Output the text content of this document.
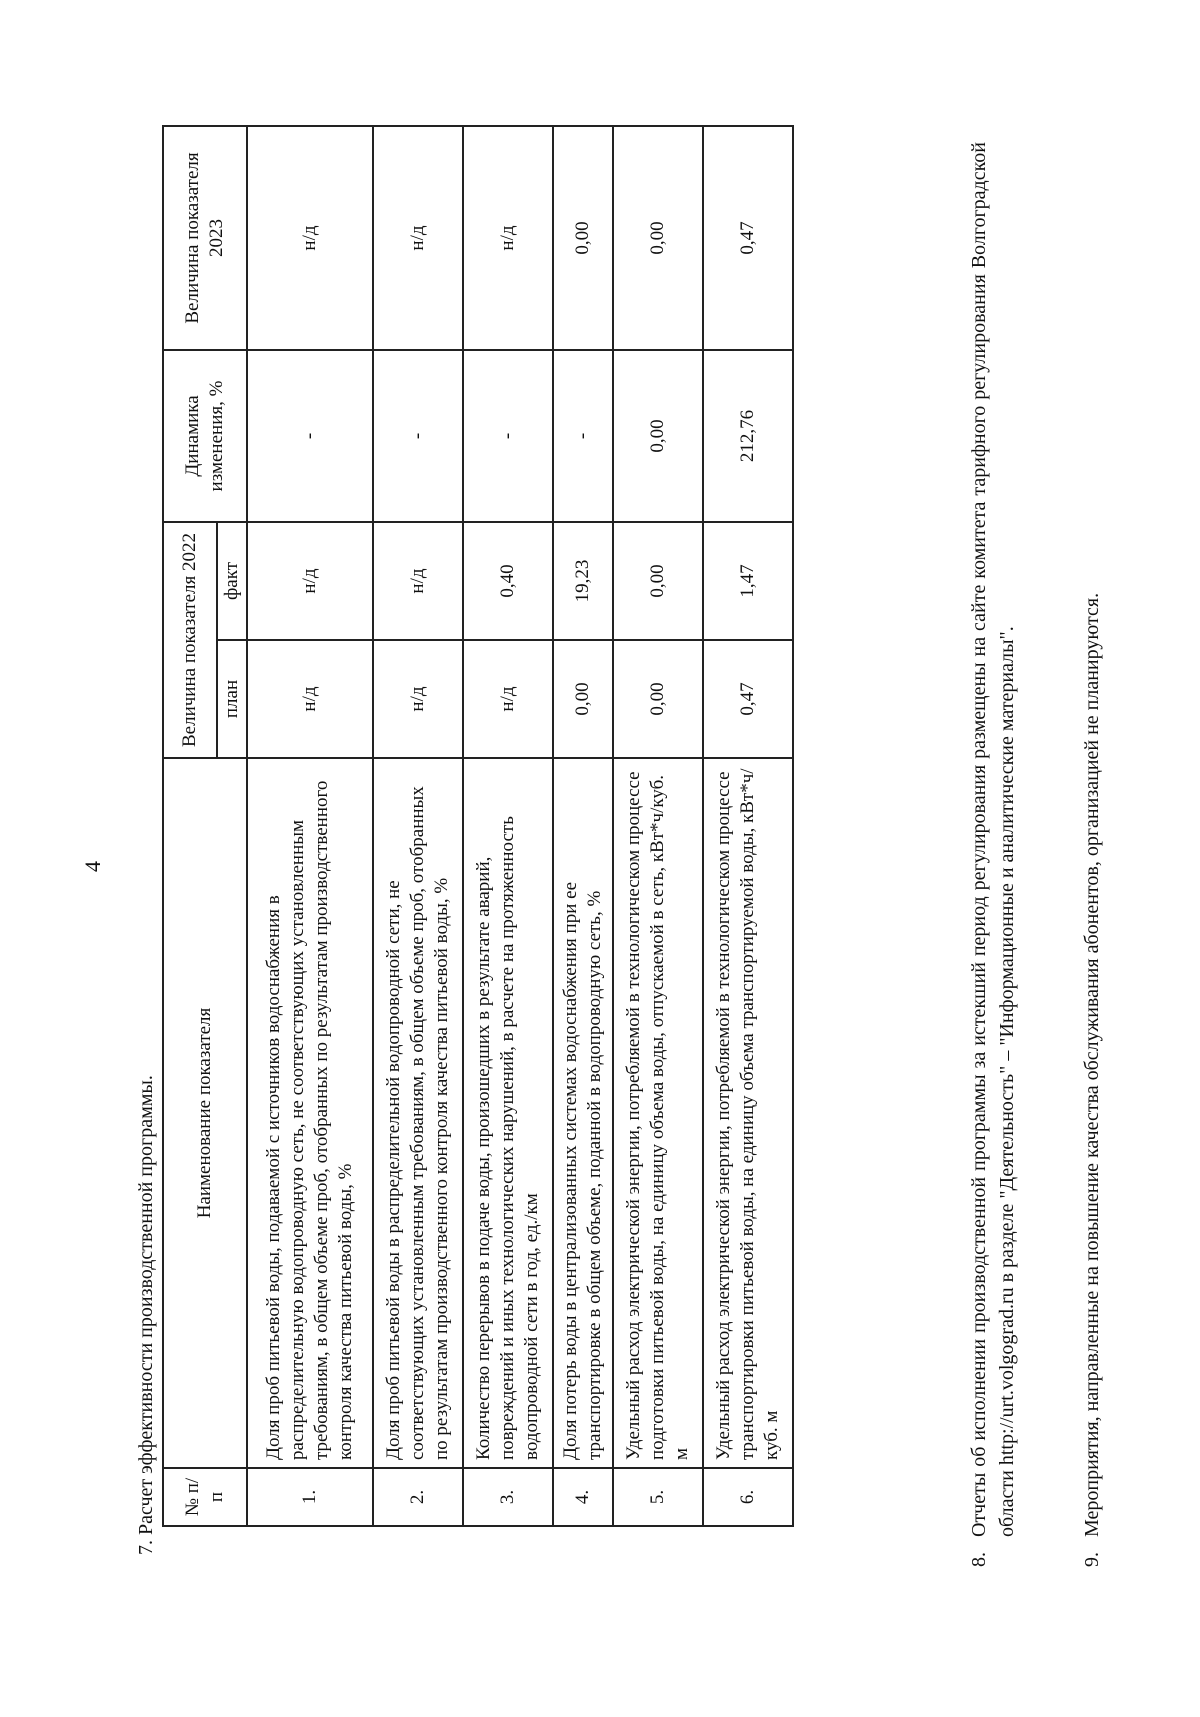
4
7. Расчет эффективности производственной программы. № п/п	Наименование показателя	Величина показателя 2022		Динамика изменения, %	Величина показателя 2023
		план	факт		
1.	Доля проб питьевой воды, подаваемой с источников водоснабжения в распределительную водопроводную сеть, не соответствующих установленным требованиям, в общем объеме проб, отобранных по результатам производственного контроля качества питьевой воды, %	н/д	н/д	-	н/д
2.	Доля проб питьевой воды в распределительной водопроводной сети, не соответствующих установленным требованиям, в общем объеме проб, отобранных по результатам производственного контроля качества питьевой воды, %	н/д	н/д	-	н/д
3.	Количество перерывов в подаче воды, произошедших в результате аварий, повреждений и иных технологических нарушений, в расчете на протяженность водопроводной сети в год, ед./км	н/д	0,40	-	н/д
4.	Доля потерь воды в централизованных системах водоснабжения при ее транспортировке в общем объеме, поданной в водопроводную сеть, %	0,00	19,23	-	0,00
5.	Удельный расход электрической энергии, потребляемой в технологическом процессе подготовки питьевой воды, на единицу объема воды, отпускаемой в сеть, кВт*ч/куб. м	0,00	0,00	0,00	0,00
6.	Удельный расход электрической энергии, потребляемой в технологическом процессе транспортировки питьевой воды, на единицу объема транспортируемой воды, кВт*ч/куб. м	0,47	1,47	212,76	0,47
8.
Отчеты об исполнении производственной программы за истекший период регулирования размещены на сайте комитета тарифного регулирования Волгоградской области http://urt.volgograd.ru в разделе "Деятельность" – "Информационные и аналитические материалы".
9.
Мероприятия, направленные на повышение качества обслуживания абонентов, организацией не планируются.
